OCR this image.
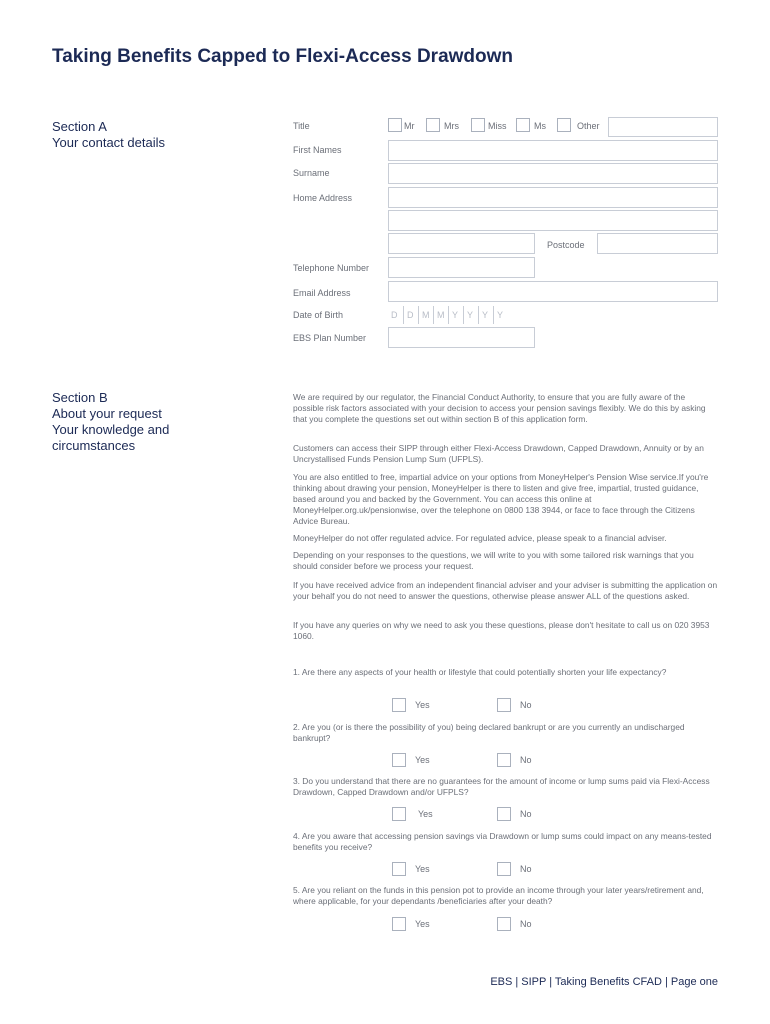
Taking Benefits Capped to Flexi-Access Drawdown
Section A
Your contact details
Title	Mr	Mrs	Miss	Ms	Other
First Names
Surname
Home Address
Postcode
Telephone Number
Email Address
Date of Birth	D	D M M Y Y Y Y
EBS Plan Number
Section B
About your request
Your knowledge and
circumstances

We are required by our regulator, the Financial Conduct Authority, to ensure that you are fully aware of the possible risk factors associated with your decision to access your pension savings flexibly. We do this by asking that you complete the questions set out within section B of this application form.

Customers can access their SIPP through either Flexi-Access Drawdown, Capped Drawdown, Annuity or by an Uncrystallised Funds Pension Lump Sum (UFPLS).

You are also entitled to free, impartial advice on your options from MoneyHelper's Pension Wise service.If you're thinking about drawing your pension, MoneyHelper is there to listen and give free, impartial, trusted guidance, based around you and backed by the Government. You can access this online at MoneyHelper.org.uk/pensionwise, over the telephone on 0800 138 3944, or face to face through the Citizens Advice Bureau.

MoneyHelper do not offer regulated advice. For regulated advice, please speak to a financial adviser.

Depending on your responses to the questions, we will write to you with some tailored risk warnings that you should consider before we process your request.

If you have received advice from an independent financial adviser and your adviser is submitting the application on your behalf you do not need to answer the questions, otherwise please answer ALL of the questions asked.

If you have any queries on why we need to ask you these questions, please don't hesitate to call us on 020 3953 1060.

1. Are there any aspects of your health or lifestyle that could potentially shorten your life expectancy?
Yes	No
2. Are you (or is there the possibility of you) being declared bankrupt or are you currently an undischarged bankrupt?
Yes	No
3. Do you understand that there are no guarantees for the amount of income or lump sums paid via Flexi-Access Drawdown, Capped Drawdown and/or UFPLS?
Yes	No
4. Are you aware that accessing pension savings via Drawdown or lump sums could impact on any means-tested benefits you receive?
Yes	No
5. Are you reliant on the funds in this pension pot to provide an income through your later years/retirement and, where applicable, for your dependants /beneficiaries after your death?
Yes	No
EBS | SIPP | Taking Benefits CFAD | Page one
